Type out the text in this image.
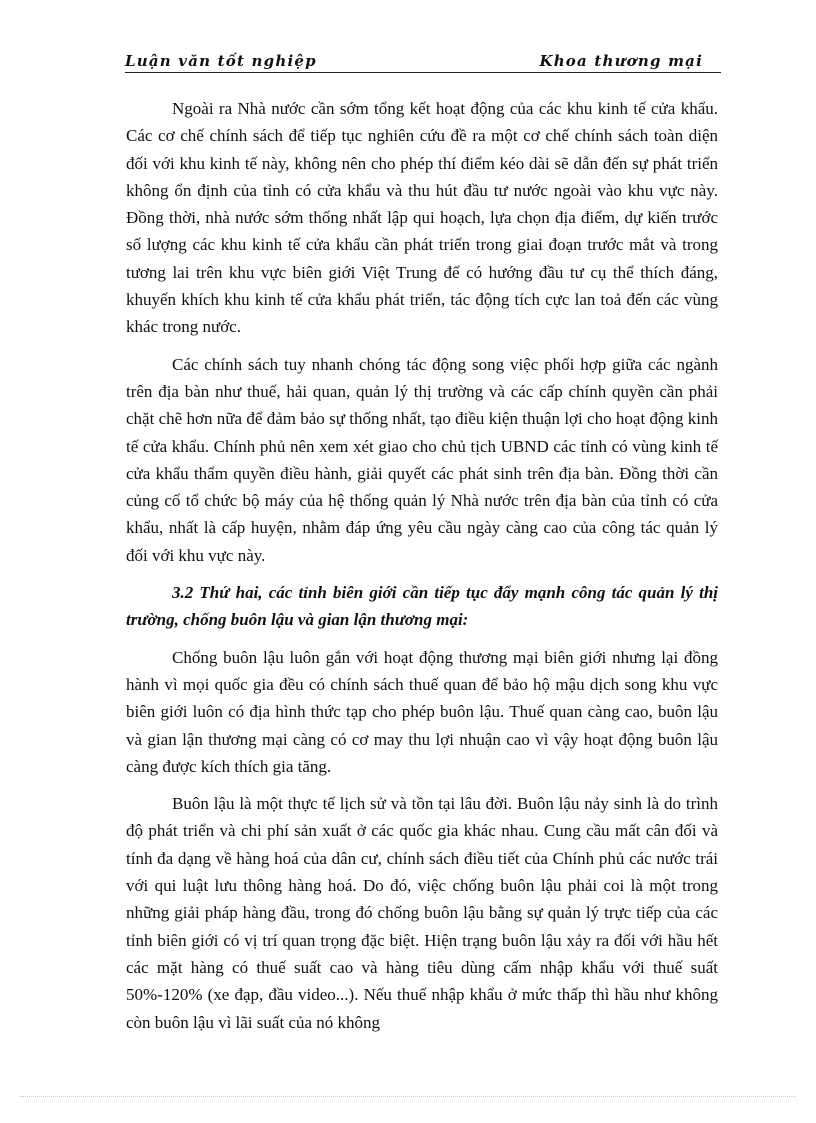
Luận văn tốt nghiệp	Khoa thương mại

Ngoài ra Nhà nước cần sớm tổng kết hoạt động của các khu kinh tế cửa khẩu. Các cơ chế chính sách để tiếp tục nghiên cứu đề ra một cơ chế chính sách toàn diện đối với khu kinh tế này, không nên cho phép thí điểm kéo dài sẽ dẫn đến sự phát triển không ổn định của tỉnh có cửa khẩu và thu hút đầu tư nước ngoài vào khu vực này. Đồng thời, nhà nước sớm thống nhất lập qui hoạch, lựa chọn địa điểm, dự kiến trước số lượng các khu kinh tế cửa khẩu cần phát triển trong giai đoạn trước mắt và trong tương lai trên khu vực biên giới Việt Trung để có hướng đầu tư cụ thể thích đáng, khuyến khích khu kinh tế cửa khẩu phát triển, tác động tích cực lan toả đến các vùng khác trong nước.

Các chính sách tuy nhanh chóng tác động song việc phối hợp giữa các ngành trên địa bàn như thuế, hải quan, quản lý thị trường và các cấp chính quyền cần phải chặt chẽ hơn nữa để đảm bảo sự thống nhất, tạo điều kiện thuận lợi cho hoạt động kinh tế cửa khẩu. Chính phủ nên xem xét giao cho chủ tịch UBND các tỉnh có vùng kinh tế cửa khẩu thẩm quyền điều hành, giải quyết các phát sinh trên địa bàn. Đồng thời cần củng cố tổ chức bộ máy của hệ thống quản lý Nhà nước trên địa bàn của tỉnh có cửa khẩu, nhất là cấp huyện, nhằm đáp ứng yêu cầu ngày càng cao của công tác quản lý đối với khu vực này.

3.2 Thứ hai, các tỉnh biên giới cần tiếp tục đẩy mạnh công tác quản lý thị trường, chống buôn lậu và gian lận thương mại:

Chống buôn lậu luôn gắn với hoạt động thương mại biên giới nhưng lại đồng hành vì mọi quốc gia đều có chính sách thuế quan để bảo hộ mậu dịch song khu vực biên giới luôn có địa hình thức tạp cho phép buôn lậu. Thuế quan càng cao, buôn lậu và gian lận thương mại càng có cơ may thu lợi nhuận cao vì vậy hoạt động buôn lậu càng được kích thích gia tăng.

Buôn lậu là một thực tế lịch sử và tồn tại lâu đời. Buôn lậu nảy sinh là do trình độ phát triển và chi phí sản xuất ở các quốc gia khác nhau. Cung cầu mất cân đối và tính đa dạng về hàng hoá của dân cư, chính sách điều tiết của Chính phủ các nước trái với qui luật lưu thông hàng hoá. Do đó, việc chống buôn lậu phải coi là một trong những giải pháp hàng đầu, trong đó chống buôn lậu bằng sự quản lý trực tiếp của các tỉnh biên giới có vị trí quan trọng đặc biệt. Hiện trạng buôn lậu xảy ra đối với hầu hết các mặt hàng có thuế suất cao và hàng tiêu dùng cấm nhập khẩu với thuế suất 50%-120% (xe đạp, đầu video...). Nếu thuế nhập khẩu ở mức thấp thì hầu như không còn buôn lậu vì lãi suất của nó không
